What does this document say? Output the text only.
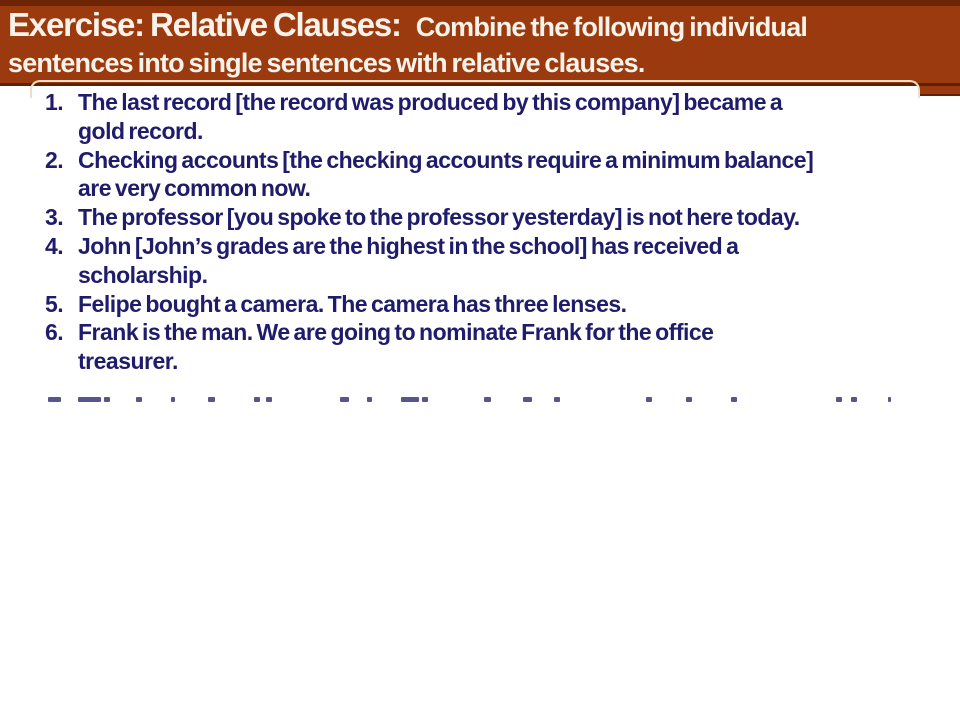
Exercise: Relative Clauses: Combine the following individual
sentences into single sentences with relative clauses.
1. The last record [the record was produced by this company] became a
gold record.
2. Checking accounts [the checking accounts require a minimum balance]
are very common now.
3. The professor [you spoke to the professor yesterday] is not here today.
4. John [John’s grades are the highest in the school] has received a
scholarship.
5. Felipe bought a camera. The camera has three lenses.
6. Frank is the man. We are going to nominate Frank for the office
treasurer.
